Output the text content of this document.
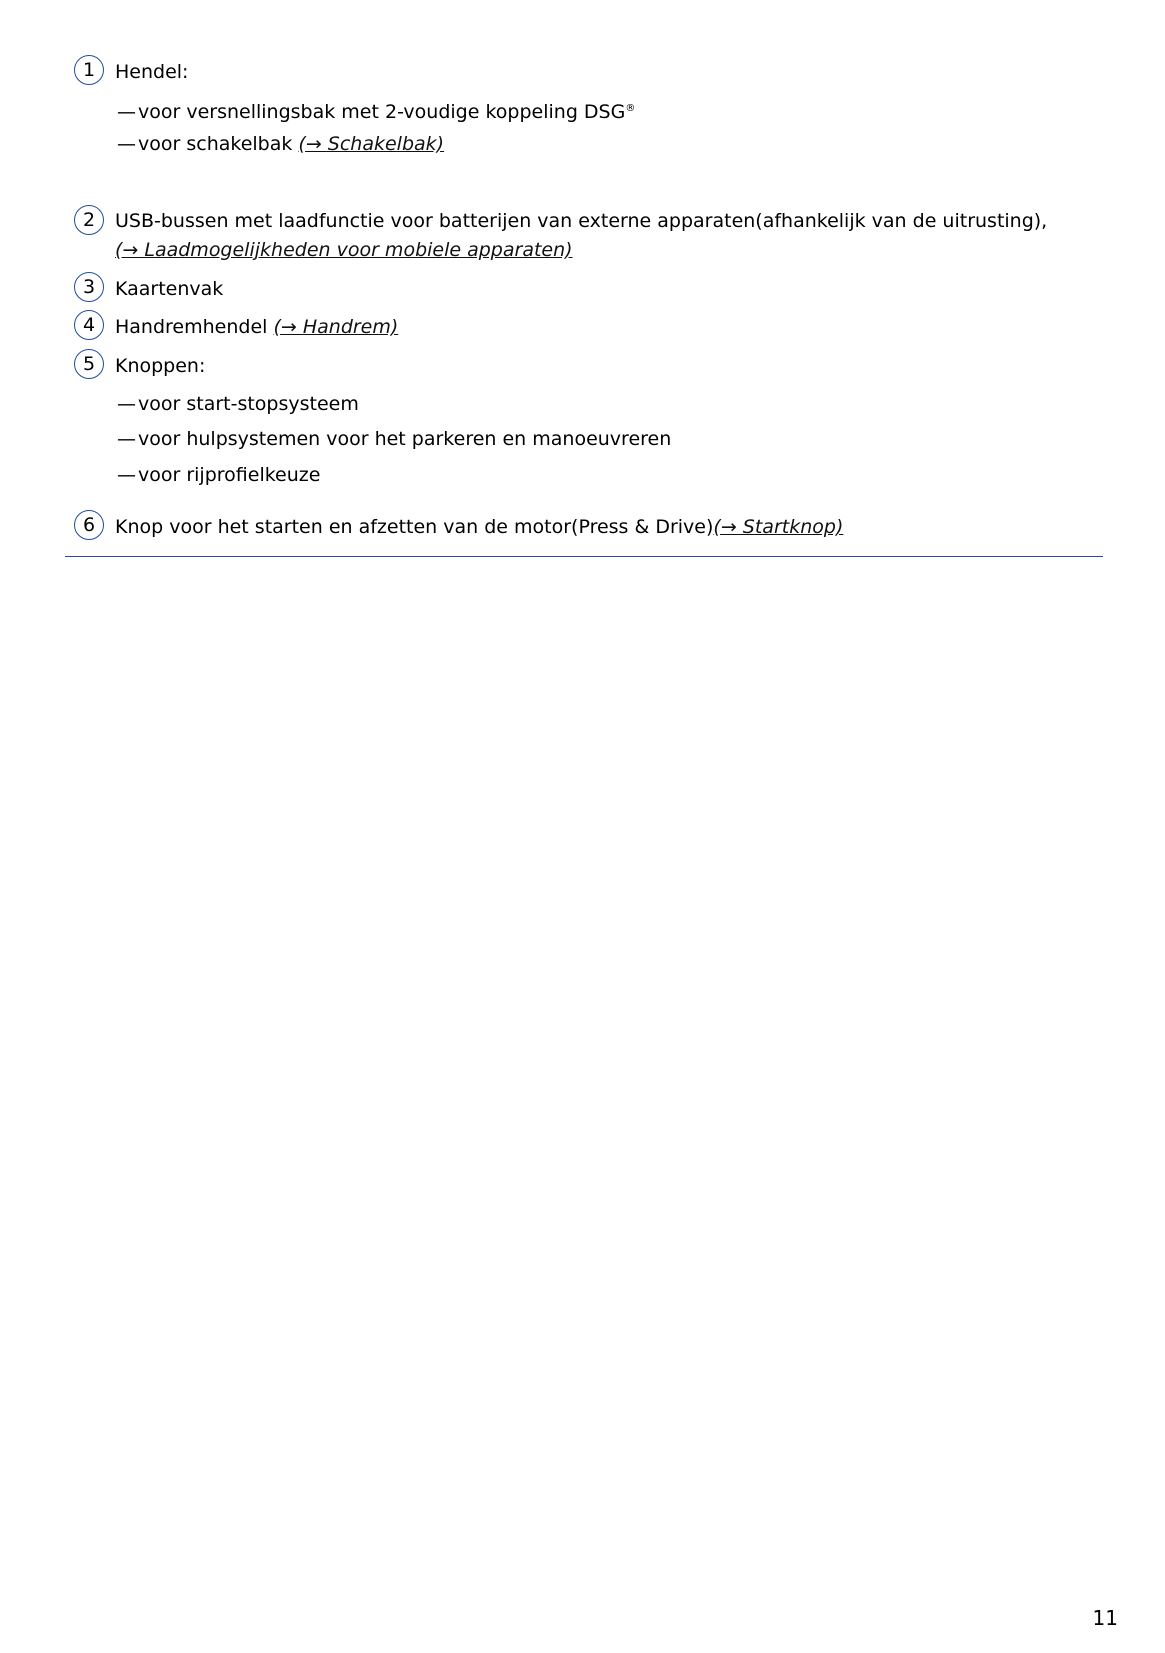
1	Hendel:
— voor versnellingsbak met 2-voudige koppeling DSG®
— voor schakelbak (→ Schakelbak)
2	USB-bussen met laadfunctie voor batterijen van externe apparaten(afhankelijk van de uitrusting),
(→ Laadmogelijkheden voor mobiele apparaten)
3	Kaartenvak
4	Handremhendel (→ Handrem)
5	Knoppen:
— voor start-stopsysteem
— voor hulpsystemen voor het parkeren en manoeuvreren
— voor rijprofielkeuze
6	Knop voor het starten en afzetten van de motor(Press & Drive)(→ Startknop)
11
